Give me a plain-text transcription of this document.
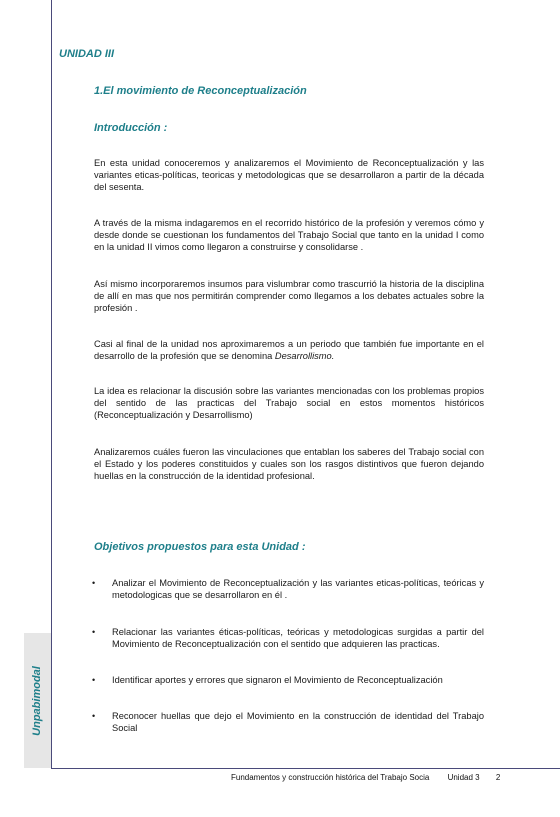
Unpabimodal
UNIDAD III
1.El movimiento de Reconceptualización
Introducción :

En esta unidad conoceremos y analizaremos el Movimiento de Reconceptualización y las variantes eticas-políticas, teoricas y metodologicas que se desarrollaron a partir de la década del sesenta.

A través de la misma indagaremos en el recorrido histórico de la profesión y veremos cómo y desde donde se cuestionan los fundamentos del Trabajo Social que tanto en la unidad I como en la unidad II vimos como llegaron a construirse y consolidarse .

Así mismo incorporaremos insumos para vislumbrar como trascurrió la historia de la disciplina de allí en mas que nos permitirán comprender como llegamos a los debates actuales sobre la profesión .

Casi al final de la unidad nos aproximaremos a un periodo que también fue importante en el desarrollo de la profesión que se denomina Desarrollismo.

La idea es relacionar la discusión sobre las variantes mencionadas con los problemas propios del sentido de las practicas del Trabajo social en estos momentos históricos (Reconceptualización y Desarrollismo)

Analizaremos cuáles fueron las vinculaciones que entablan los saberes del Trabajo social con el Estado y los poderes constituidos y cuales son los rasgos distintivos que fueron dejando huellas en la construcción de la identidad profesional.

Objetivos propuestos para esta Unidad :
•	Analizar el Movimiento de Reconceptualización y las variantes eticas-políticas, teóricas y metodologicas que se desarrollaron en él .
•	Relacionar las variantes éticas-políticas, teóricas y metodologicas surgidas a partir del Movimiento de Reconceptualización con el sentido que adquieren las practicas.
•	Identificar aportes y errores que signaron el Movimiento de Reconceptualización
•	Reconocer huellas que dejo el Movimiento en la construcción de identidad del Trabajo Social
Fundamentos y construcción histórica del Trabajo Socia Unidad 3 2
